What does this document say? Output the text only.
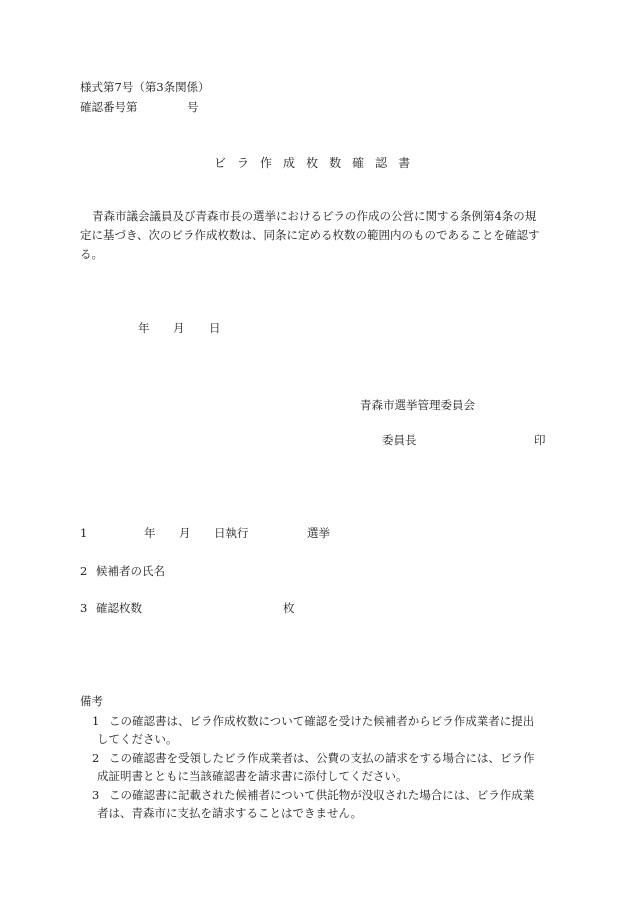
様式第7号（第3条関係）
確認番号第	号
ビ ラ 作 成 枚 数 確 認 書
青森市議会議員及び青森市長の選挙におけるビラの作成の公営に関する条例第4条の規
定に基づき、次のビラ作成枚数は、同条に定める枚数の範囲内のものであることを確認す
る。
年 月 日
青森市選挙管理委員会
委員長	印
1	年 月 日執行	選挙
2 候補者の氏名
3 確認枚数	枚
備考
1 この確認書は、ビラ作成枚数について確認を受けた候補者からビラ作成業者に提出
してください。
2 この確認書を受領したビラ作成業者は、公費の支払の請求をする場合には、ビラ作
成証明書とともに当該確認書を請求書に添付してください。
3 この確認書に記載された候補者について供託物が没収された場合には、ビラ作成業
者は、青森市に支払を請求することはできません。
